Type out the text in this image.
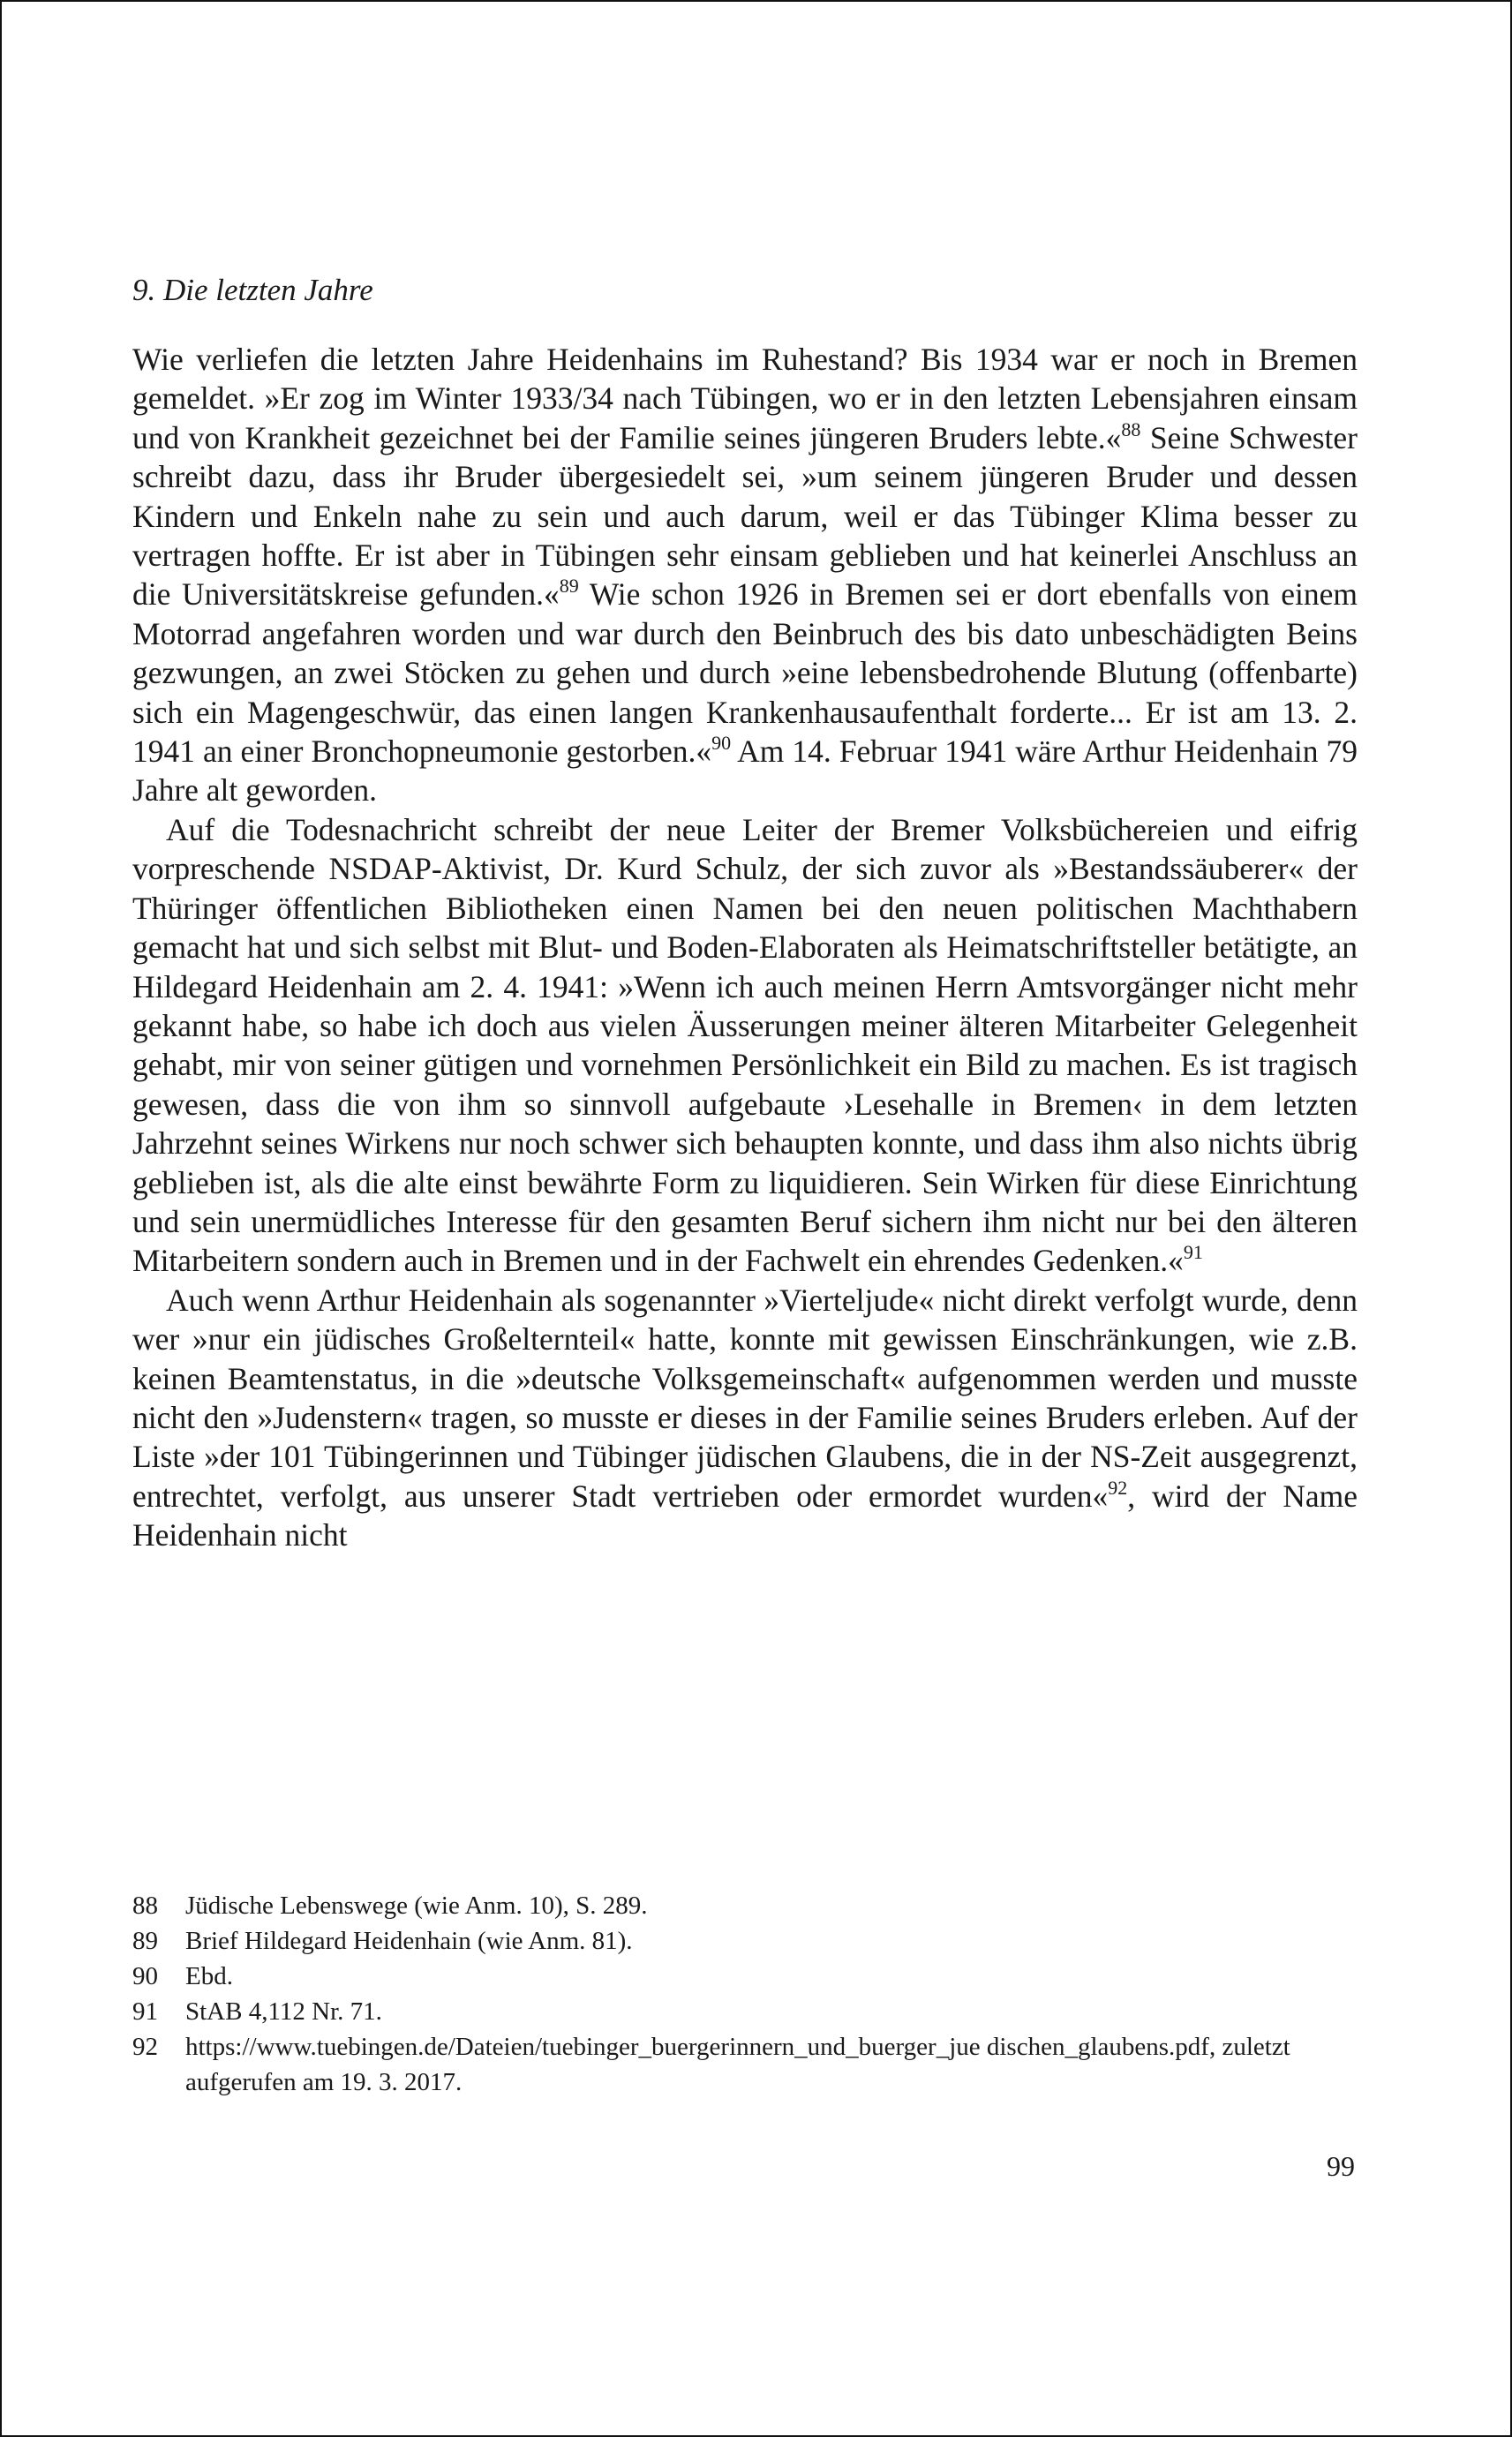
9. Die letzten Jahre

Wie verliefen die letzten Jahre Heidenhains im Ruhestand? Bis 1934 war er noch in Bremen gemeldet. »Er zog im Winter 1933/34 nach Tübingen, wo er in den letzten Lebensjahren einsam und von Krankheit gezeichnet bei der Familie seines jüngeren Bruders lebte.«$^{88}$ Seine Schwester schreibt dazu, dass ihr Bruder übergesiedelt sei, »um seinem jüngeren Bruder und dessen Kindern und Enkeln nahe zu sein und auch darum, weil er das Tübinger Klima besser zu vertragen hoffte. Er ist aber in Tübingen sehr einsam geblieben und hat keinerlei Anschluss an die Universitätskreise gefunden.«$^{89}$ Wie schon 1926 in Bremen sei er dort ebenfalls von einem Motorrad angefahren worden und war durch den Beinbruch des bis dato unbeschädigten Beins gezwungen, an zwei Stöcken zu gehen und durch »eine lebensbedrohende Blutung (offenbarte) sich ein Magengeschwür, das einen langen Krankenhausaufenthalt forderte... Er ist am 13. 2. 1941 an einer Bronchopneumonie gestorben.«$^{90}$ Am 14. Februar 1941 wäre Arthur Heidenhain 79 Jahre alt geworden.

Auf die Todesnachricht schreibt der neue Leiter der Bremer Volksbüchereien und eifrig vorpreschende NSDAP-Aktivist, Dr. Kurd Schulz, der sich zuvor als »Bestandssäuberer« der Thüringer öffentlichen Bibliotheken einen Namen bei den neuen politischen Machthabern gemacht hat und sich selbst mit Blut- und Boden-Elaboraten als Heimatschriftsteller betätigte, an Hildegard Heidenhain am 2. 4. 1941: »Wenn ich auch meinen Herrn Amtsvorgänger nicht mehr gekannt habe, so habe ich doch aus vielen Äusserungen meiner älteren Mitarbeiter Gelegenheit gehabt, mir von seiner gütigen und vornehmen Persönlichkeit ein Bild zu machen. Es ist tragisch gewesen, dass die von ihm so sinnvoll aufgebaute ›Lesehalle in Bremen‹ in dem letzten Jahrzehnt seines Wirkens nur noch schwer sich behaupten konnte, und dass ihm also nichts übrig geblieben ist, als die alte einst bewährte Form zu liquidieren. Sein Wirken für diese Einrichtung und sein unermüdliches Interesse für den gesamten Beruf sichern ihm nicht nur bei den älteren Mitarbeitern sondern auch in Bremen und in der Fachwelt ein ehrendes Gedenken.«$^{91}$

Auch wenn Arthur Heidenhain als sogenannter »Vierteljude« nicht direkt verfolgt wurde, denn wer »nur ein jüdisches Großelternteil« hatte, konnte mit gewissen Einschränkungen, wie z.B. keinen Beamtenstatus, in die »deutsche Volksgemeinschaft« aufgenommen werden und musste nicht den »Judenstern« tragen, so musste er dieses in der Familie seines Bruders erleben. Auf der Liste »der 101 Tübingerinnen und Tübinger jüdischen Glaubens, die in der NS-Zeit ausgegrenzt, entrechtet, verfolgt, aus unserer Stadt vertrieben oder ermordet wurden«$^{92}$, wird der Name Heidenhain nicht

88	Jüdische Lebenswege (wie Anm. 10), S. 289.
89	Brief Hildegard Heidenhain (wie Anm. 81).
90	Ebd.
91	StAB 4,112 Nr. 71.
92	https://www.tuebingen.de/Dateien/tuebinger_buergerinnern_und_buerger_jue dischen_glaubens.pdf, zuletzt aufgerufen am 19. 3. 2017.
99
